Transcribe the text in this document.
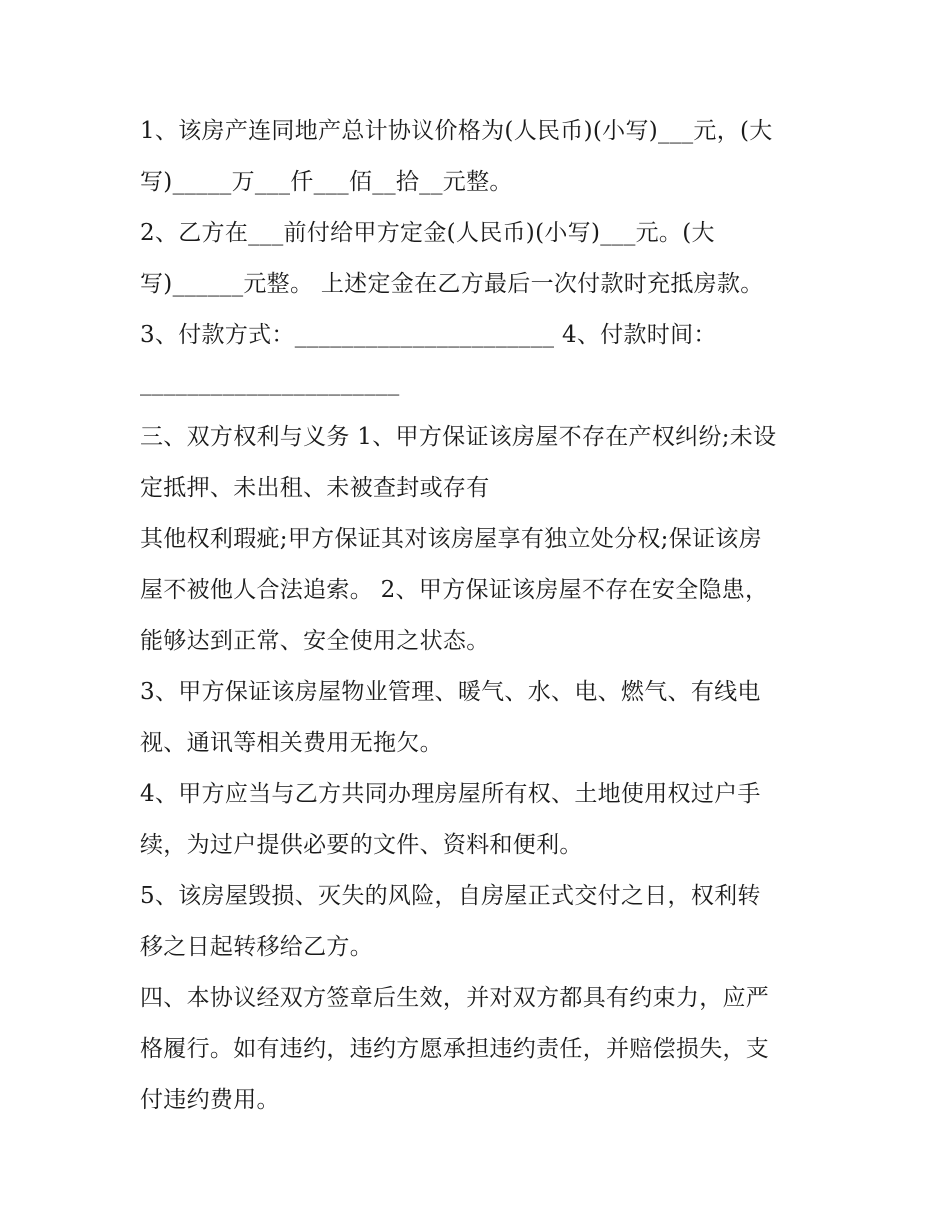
1、该房产连同地产总计协议价格为(人民币)(小写)___元，(大
写)_____万___仟___佰__拾__元整。
2、乙方在___前付给甲方定金(人民币)(小写)___元。(大
写)______元整。 上述定金在乙方最后一次付款时充抵房款。
3、付款方式：______________________ 4、付款时间：
______________________
三、双方权利与义务 1、甲方保证该房屋不存在产权纠纷;未设
定抵押、未出租、未被查封或存有
其他权利瑕疵;甲方保证其对该房屋享有独立处分权;保证该房
屋不被他人合法追索。 2、甲方保证该房屋不存在安全隐患，
能够达到正常、安全使用之状态。
3、甲方保证该房屋物业管理、暖气、水、电、燃气、有线电
视、通讯等相关费用无拖欠。
4、甲方应当与乙方共同办理房屋所有权、土地使用权过户手
续，为过户提供必要的文件、资料和便利。
5、该房屋毁损、灭失的风险，自房屋正式交付之日，权利转
移之日起转移给乙方。
四、本协议经双方签章后生效，并对双方都具有约束力，应严
格履行。如有违约，违约方愿承担违约责任，并赔偿损失，支
付违约费用。
